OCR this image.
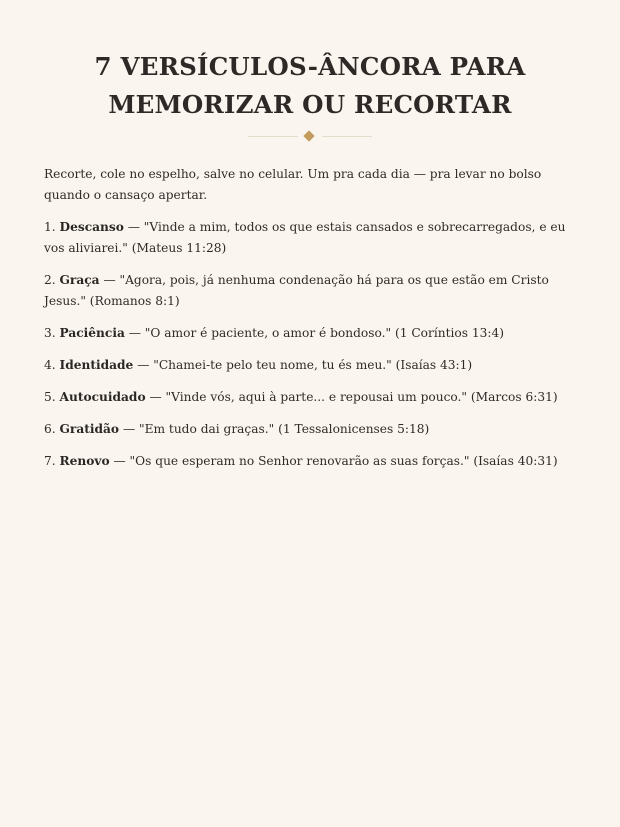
7 VERSÍCULOS-ÂNCORA PARA
MEMORIZAR OU RECORTAR

Recorte, cole no espelho, salve no celular. Um pra cada dia — pra levar no bolso quando o cansaço apertar.

1. Descanso — "Vinde a mim, todos os que estais cansados e sobrecarregados, e eu vos aliviarei." (Mateus 11:28)

2. Graça — "Agora, pois, já nenhuma condenação há para os que estão em Cristo Jesus." (Romanos 8:1)

3. Paciência — "O amor é paciente, o amor é bondoso." (1 Coríntios 13:4)

4. Identidade — "Chamei-te pelo teu nome, tu és meu." (Isaías 43:1)

5. Autocuidado — "Vinde vós, aqui à parte... e repousai um pouco." (Marcos 6:31)

6. Gratidão — "Em tudo dai graças." (1 Tessalonicenses 5:18)

7. Renovo — "Os que esperam no Senhor renovarão as suas forças." (Isaías 40:31)
